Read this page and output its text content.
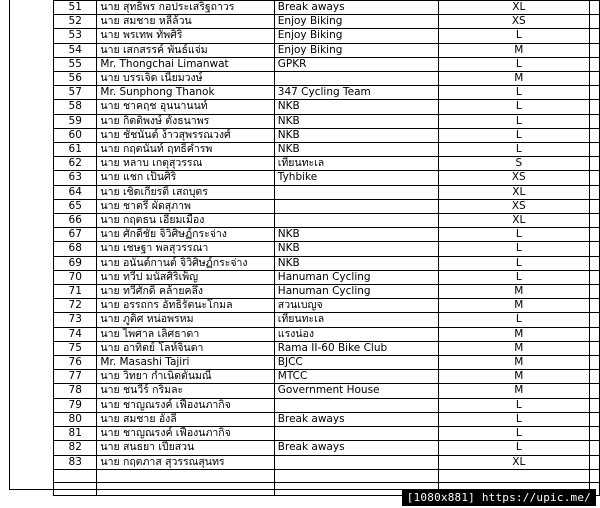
51	นาย สุทธิพร กอประเสริฐถาวร	Break aways	XL
52	นาย สมชาย หลีล้วน	Enjoy Biking	XS
53	นาย พรเทพ ทัพศิริ	Enjoy Biking	L
54	นาย เสกสรรค์ พันธ์แจ่ม	Enjoy Biking	M
55	Mr. Thongchai Limanwat	GPKR	L
56	นาย บรรเจิด เนียมวงษ์		M
57	Mr. Sunphong Thanok	347 Cycling Team	L
58	นาย ชาคฤช อุนนานนท์	NKB	L
59	นาย กิตติพงษ์ ตั้งธนาพร	NKB	L
60	นาย ชัชนันต์ ง้าวสุพรรณวงศ์	NKB	L
61	นาย กฤตนันท์ ฤทธิ์คำรพ	NKB	L
62	นาย หลาบ เกตุสุวรรณ	เทียนทะเล	S
63	นาย แชก เป็นศิริ	Tyhbike	XS
64	นาย เชิดเกียรติ์ เสถบุตร		XL
65	นาย ชาตรี ผัดสุภาพ		XS
66	นาย กฤตธน เอี่ยมเมือง		XL
67	นาย ศักดิ์ชัย จิวิศิษฏ์กระจ่าง	NKB	L
68	นาย เชษฐา พลสุวรรณา	NKB	L
69	นาย อนันต์กานต์ จิวิศิษฏ์กระจ่าง	NKB	L
70	นาย ทวีป มนัสศิริเพ็ญ	Hanuman Cycling	L
71	นาย ทวีศักดิ์ คล้ายคลึง	Hanuman Cycling	M
72	นาย อรรถกร อัทธิรัตนะโกมล	สวนเบญจ	M
73	นาย ภูติศ หน่อพรหม	เทียนทะเล	L
74	นาย ไพศาล เลิศธาดา	แรงน่อง	M
75	นาย อาทิตย์ โลห์จินดา	Rama II-60 Bike Club	M
76	Mr. Masashi Tajiri	BJCC	M
77	นาย วิทยา กำเนิดตันมณี	MTCC	M
78	นาย ชนวีร์ กริมละ	Government House	M
79	นาย ชาญณรงค์ เฟื่องนภากิจ		L
80	นาย สมชาย อังลี่	Break aways	L
81	นาย ชาญณรงค์ เฟื่องนภากิจ		L
82	นาย สนธยา เปียสวน	Break aways	L
83	นาย กฤตภาส สุวรรณสุนทร		XL

[1080x881] https://upic.me/
